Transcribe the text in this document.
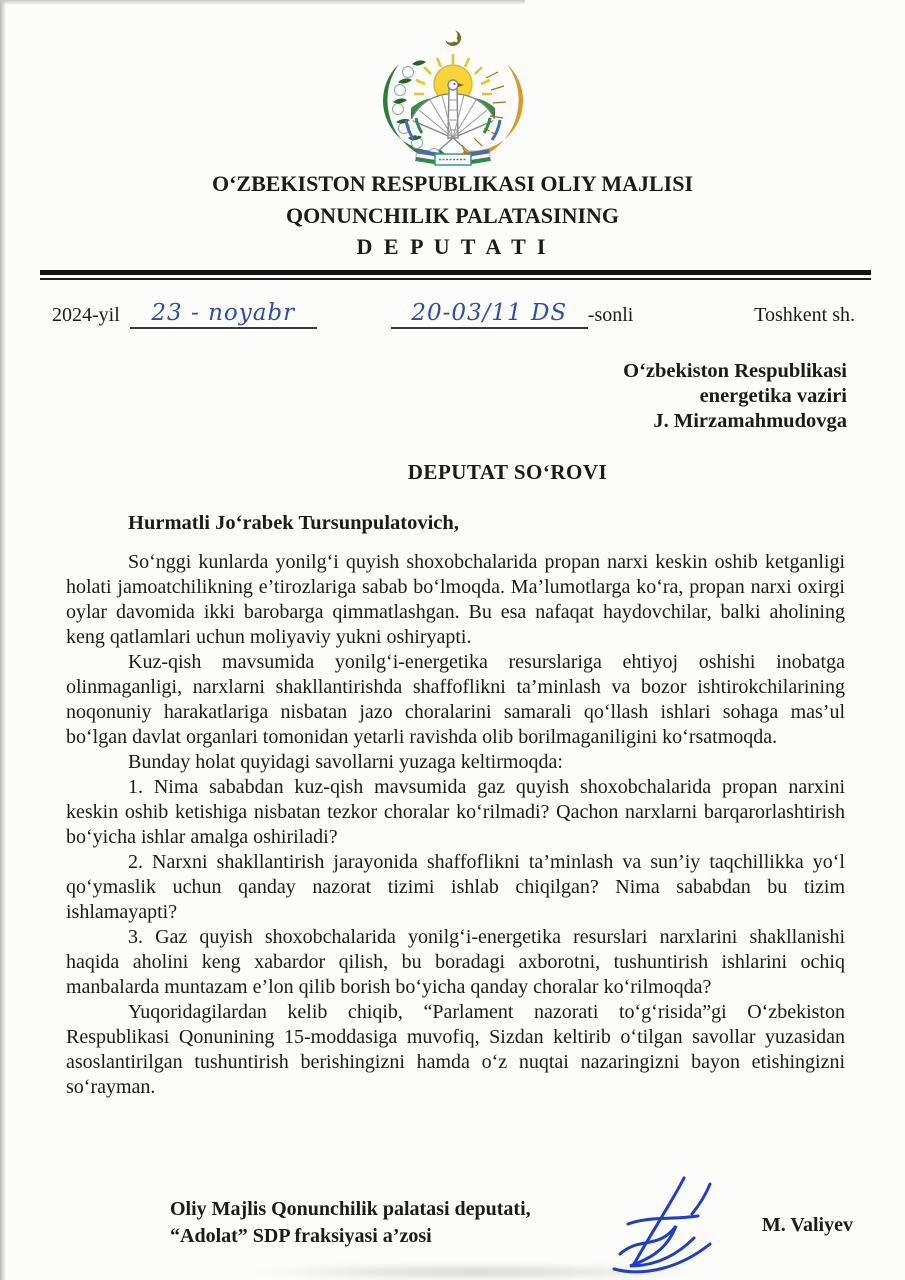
O‘ZBEKISTON RESPUBLIKASI OLIY MAJLISI
QONUNCHILIK PALATASINING
D E P U T A T I
2024-yil	23 - noyabr	20-03/11 DS	-sonli	Toshkent sh.
O‘zbekiston Respublikasi
energetika vaziri
J. Mirzamahmudovga
DEPUTAT SO‘ROVI
Hurmatli Jo‘rabek Tursunpulatovich,

So‘nggi kunlarda yonilg‘i quyish shoxobchalarida propan narxi keskin oshib ketganligi holati jamoatchilikning e’tirozlariga sabab bo‘lmoqda. Ma’lumotlarga ko‘ra, propan narxi oxirgi oylar davomida ikki barobarga qimmatlashgan. Bu esa nafaqat haydovchilar, balki aholining keng qatlamlari uchun moliyaviy yukni oshiryapti.

Kuz-qish mavsumida yonilg‘i-energetika resurslariga ehtiyoj oshishi inobatga olinmaganligi, narxlarni shakllantirishda shaffoflikni ta’minlash va bozor ishtirokchilarining noqonuniy harakatlariga nisbatan jazo choralarini samarali qo‘llash ishlari sohaga mas’ul bo‘lgan davlat organlari tomonidan yetarli ravishda olib borilmaganiligini ko‘rsatmoqda.

Bunday holat quyidagi savollarni yuzaga keltirmoqda:

1. Nima sababdan kuz-qish mavsumida gaz quyish shoxobchalarida propan narxini keskin oshib ketishiga nisbatan tezkor choralar ko‘rilmadi? Qachon narxlarni barqarorlashtirish bo‘yicha ishlar amalga oshiriladi?

2. Narxni shakllantirish jarayonida shaffoflikni ta’minlash va sun’iy taqchillikka yo‘l qo‘ymaslik uchun qanday nazorat tizimi ishlab chiqilgan? Nima sababdan bu tizim ishlamayapti?

3. Gaz quyish shoxobchalarida yonilg‘i-energetika resurslari narxlarini shakllanishi haqida aholini keng xabardor qilish, bu boradagi axborotni, tushuntirish ishlarini ochiq manbalarda muntazam e’lon qilib borish bo‘yicha qanday choralar ko‘rilmoqda?

Yuqoridagilardan kelib chiqib, “Parlament nazorati to‘g‘risida”gi O‘zbekiston Respublikasi Qonunining 15-moddasiga muvofiq, Sizdan keltirib o‘tilgan savollar yuzasidan asoslantirilgan tushuntirish berishingizni hamda o‘z nuqtai nazaringizni bayon etishingizni so‘rayman.

Oliy Majlis Qonunchilik palatasi deputati,
“Adolat” SDP fraksiyasi a’zosi	M. Valiyev
